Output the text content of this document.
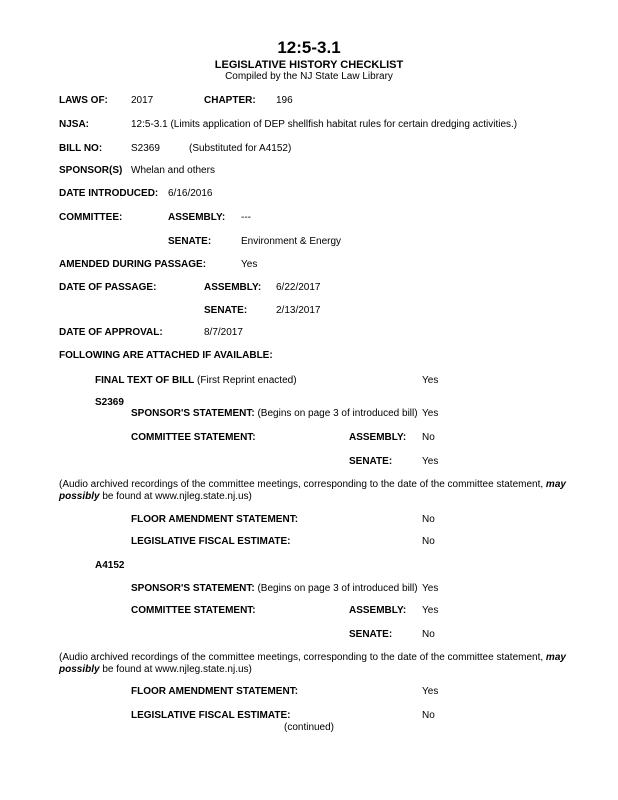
12:5-3.1
LEGISLATIVE HISTORY CHECKLIST
Compiled by the NJ State Law Library
LAWS OF: 2017	CHAPTER: 196
NJSA:	12:5-3.1 (Limits application of DEP shellfish habitat rules for certain dredging activities.)
BILL NO:	S2369	(Substituted for A4152)
SPONSOR(S) Whelan and others
DATE INTRODUCED: 6/16/2016
COMMITTEE:	ASSEMBLY: ---
SENATE:	Environment & Energy
AMENDED DURING PASSAGE:	Yes
DATE OF PASSAGE:	ASSEMBLY: 6/22/2017
SENATE:	2/13/2017
DATE OF APPROVAL:	8/7/2017
FOLLOWING ARE ATTACHED IF AVAILABLE:
FINAL TEXT OF BILL (First Reprint enacted)	Yes
S2369
SPONSOR'S STATEMENT: (Begins on page 3 of introduced bill) Yes
COMMITTEE STATEMENT:	ASSEMBLY: No
SENATE:	Yes
(Audio archived recordings of the committee meetings, corresponding to the date of the committee statement, may possibly be found at www.njleg.state.nj.us)
FLOOR AMENDMENT STATEMENT:	No
LEGISLATIVE FISCAL ESTIMATE:	No
A4152
SPONSOR'S STATEMENT: (Begins on page 3 of introduced bill) Yes
COMMITTEE STATEMENT:	ASSEMBLY: Yes
SENATE:	No
(Audio archived recordings of the committee meetings, corresponding to the date of the committee statement, may possibly be found at www.njleg.state.nj.us)
FLOOR AMENDMENT STATEMENT:	Yes
LEGISLATIVE FISCAL ESTIMATE:	No
(continued)
